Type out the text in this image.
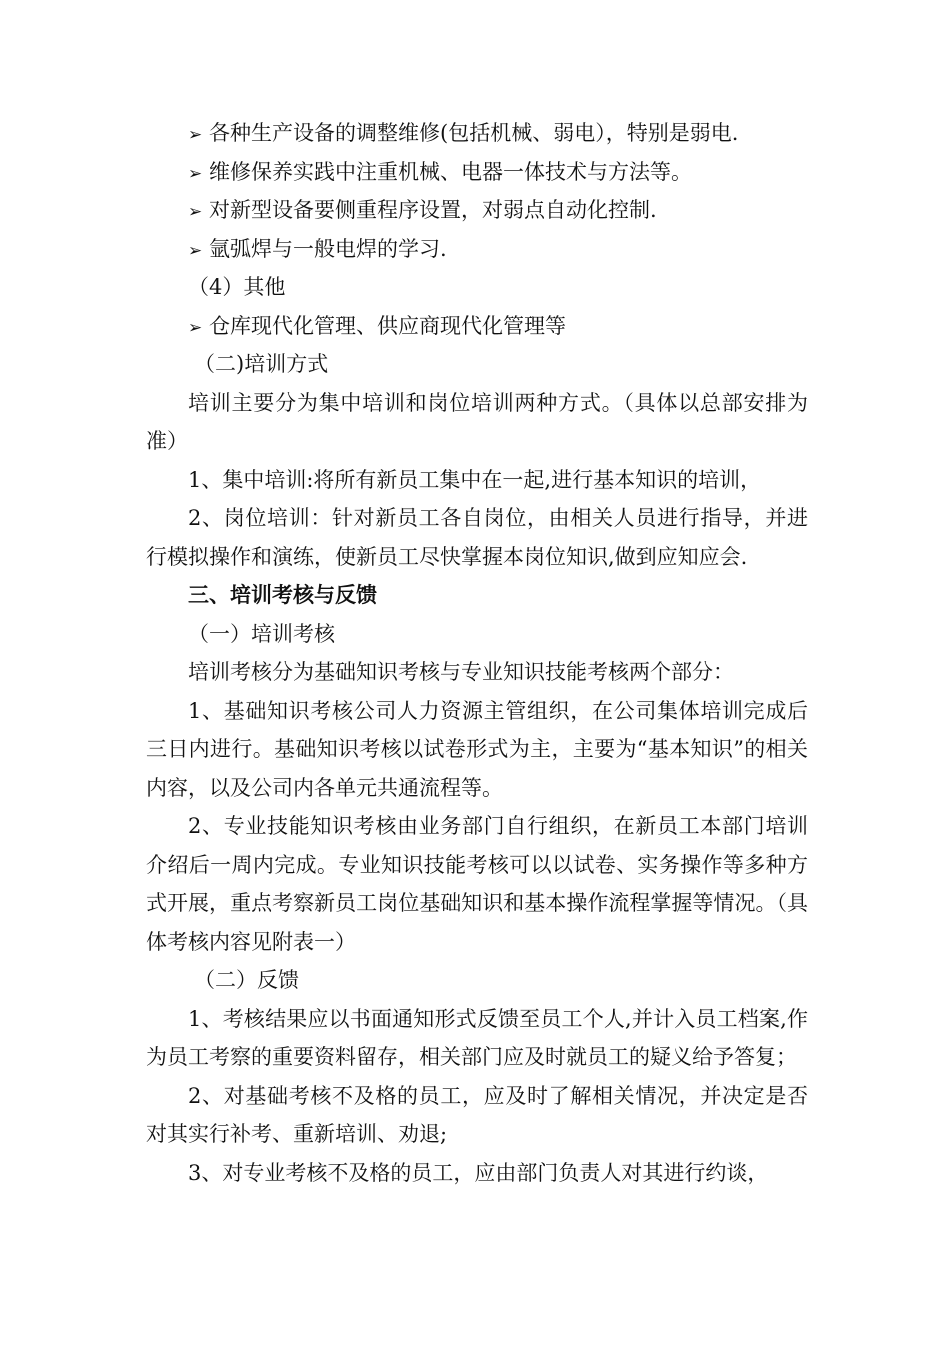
➢ 各种生产设备的调整维修(包括机械、弱电），特别是弱电.
➢ 维修保养实践中注重机械、电器一体技术与方法等。
➢ 对新型设备要侧重程序设置，对弱点自动化控制.
➢ 氩弧焊与一般电焊的学习.
（4）其他
➢ 仓库现代化管理、供应商现代化管理等
（二)培训方式

培训主要分为集中培训和岗位培训两种方式。（具体以总部安排为准）

1、集中培训:将所有新员工集中在一起,进行基本知识的培训，

2、岗位培训：针对新员工各自岗位，由相关人员进行指导，并进行模拟操作和演练，使新员工尽快掌握本岗位知识,做到应知应会.

三、培训考核与反馈
（一）培训考核

培训考核分为基础知识考核与专业知识技能考核两个部分：

1、基础知识考核公司人力资源主管组织，在公司集体培训完成后三日内进行。基础知识考核以试卷形式为主，主要为“基本知识”的相关内容，以及公司内各单元共通流程等。

2、专业技能知识考核由业务部门自行组织，在新员工本部门培训介绍后一周内完成。专业知识技能考核可以以试卷、实务操作等多种方式开展，重点考察新员工岗位基础知识和基本操作流程掌握等情况。（具体考核内容见附表一）

（二）反馈

1、考核结果应以书面通知形式反馈至员工个人,并计入员工档案,作为员工考察的重要资料留存，相关部门应及时就员工的疑义给予答复；

2、对基础考核不及格的员工，应及时了解相关情况，并决定是否对其实行补考、重新培训、劝退;

3、对专业考核不及格的员工，应由部门负责人对其进行约谈，
